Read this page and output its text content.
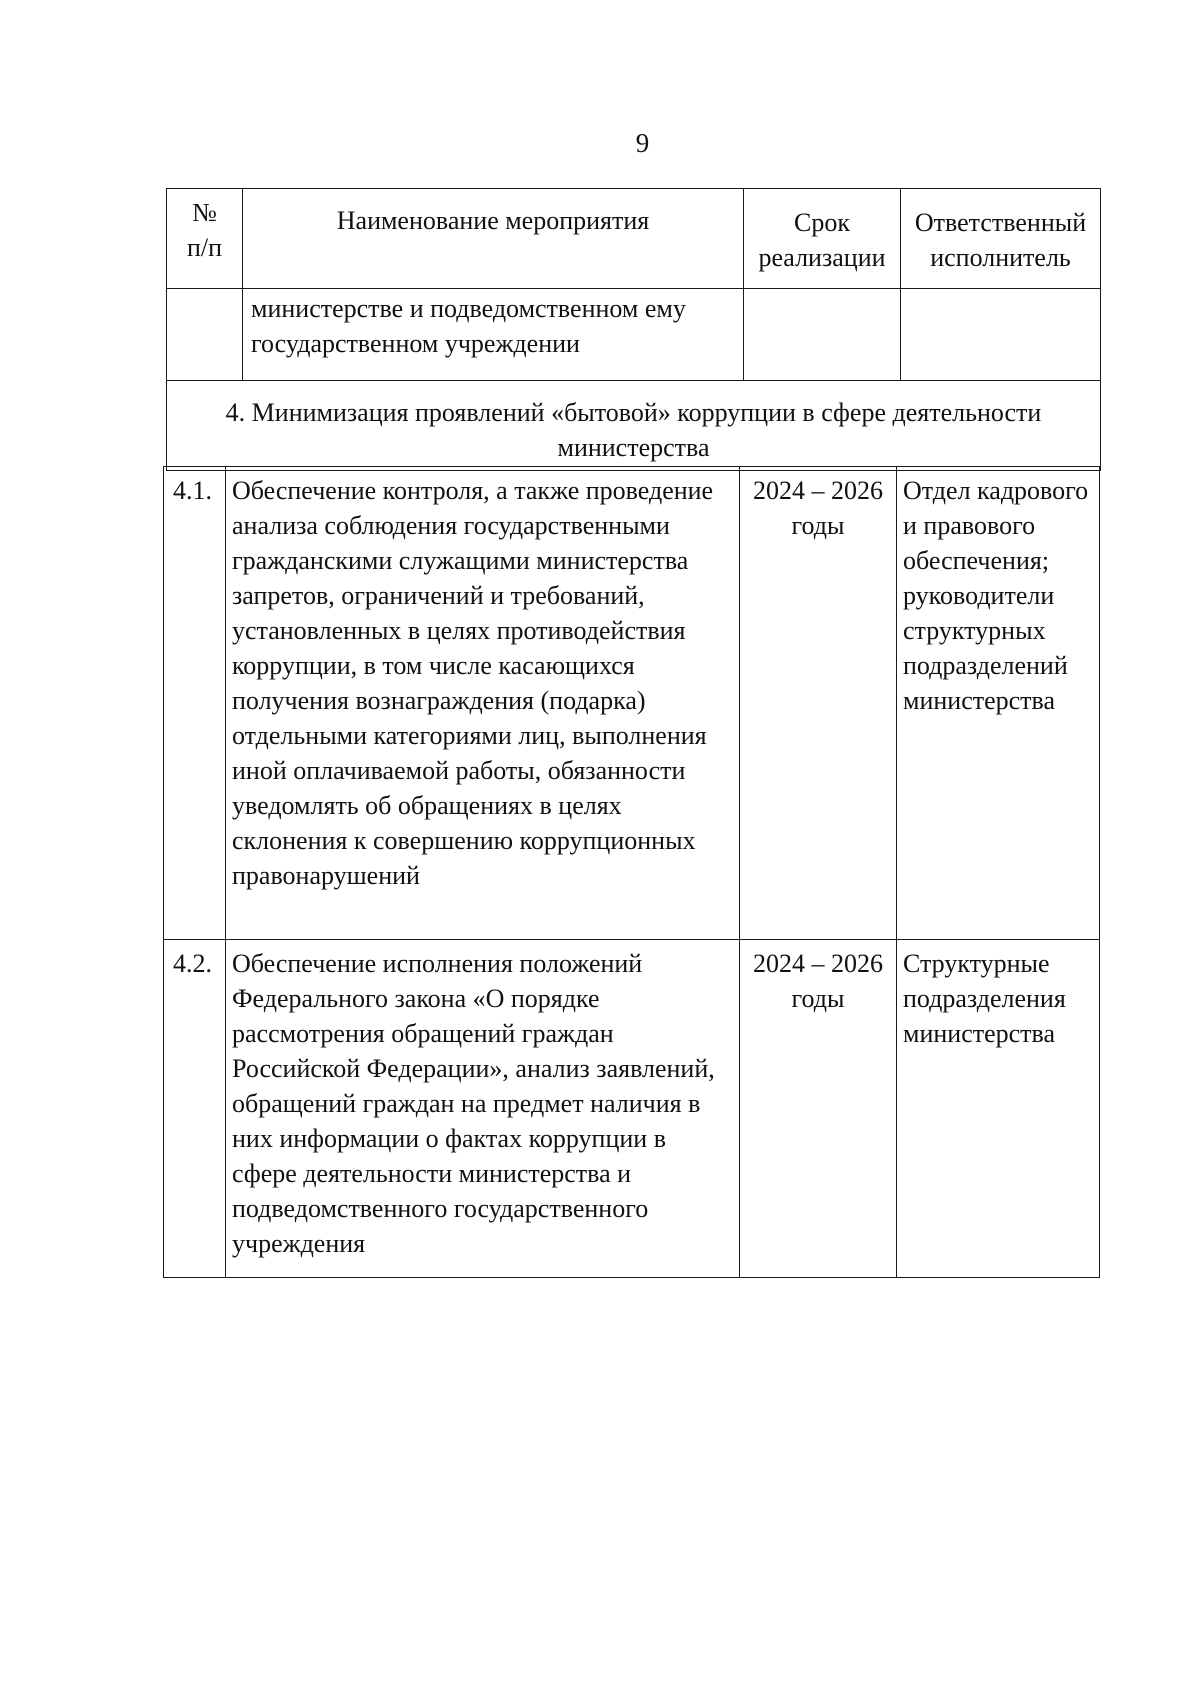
9
№ п/п	Наименование мероприятия	Срок реализации	Ответственный исполнитель
	министерстве и подведомственном ему государственном учреждении		
4. Минимизация проявлений «бытовой» коррупции в сфере деятельности министерства			
4.1.	Обеспечение контроля, а также проведение анализа соблюдения государственными гражданскими служащими министерства запретов, ограничений и требований, установленных в целях противодействия коррупции, в том числе касающихся получения вознаграждения (подарка) отдельными категориями лиц, выполнения иной оплачиваемой работы, обязанности уведомлять об обращениях в целях склонения к совершению коррупционных правонарушений	2024 – 2026 годы	Отдел кадрового и правового обеспечения; руководители структурных подразделений министерства
4.2.	Обеспечение исполнения положений Федерального закона «О порядке рассмотрения обращений граждан Российской Федерации», анализ заявлений, обращений граждан на предмет наличия в них информации о фактах коррупции в сфере деятельности министерства и подведомственного государственного учреждения	2024 – 2026 годы	Структурные подразделения министерства
